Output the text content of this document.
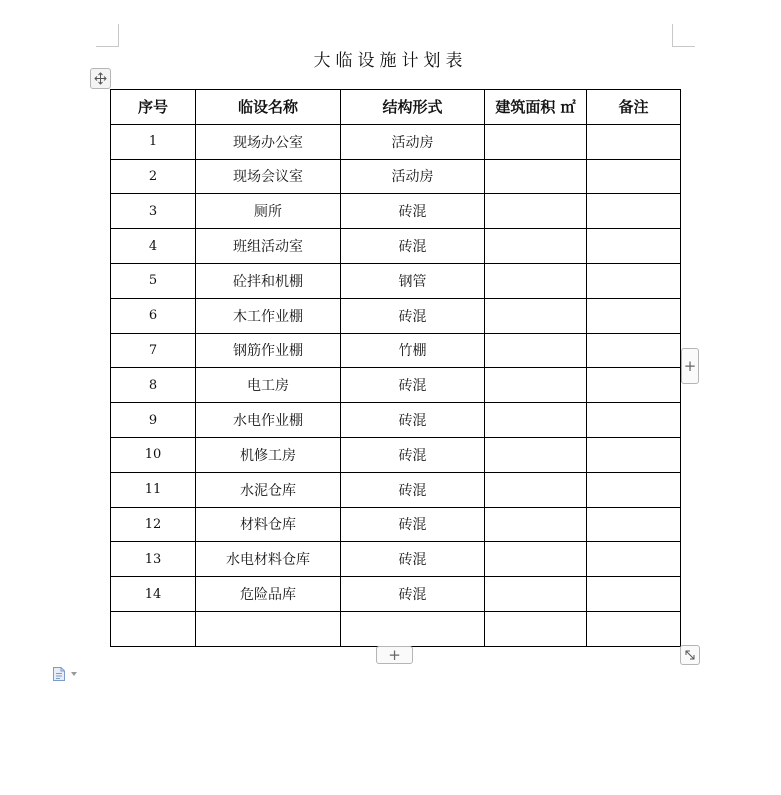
大临设施计划表
序号	临设名称	结构形式	建筑面积 ㎡	备注
1	现场办公室	活动房		
2	现场会议室	活动房		
3	厕所	砖混		
4	班组活动室	砖混		
5	砼拌和机棚	钢管		
6	木工作业棚	砖混		
7	钢筋作业棚	竹棚		
8	电工房	砖混		
9	水电作业棚	砖混		
10	机修工房	砖混		
11	水泥仓库	砖混		
12	材料仓库	砖混		
13	水电材料仓库	砖混		
14	危险品库	砖混		

+
+
